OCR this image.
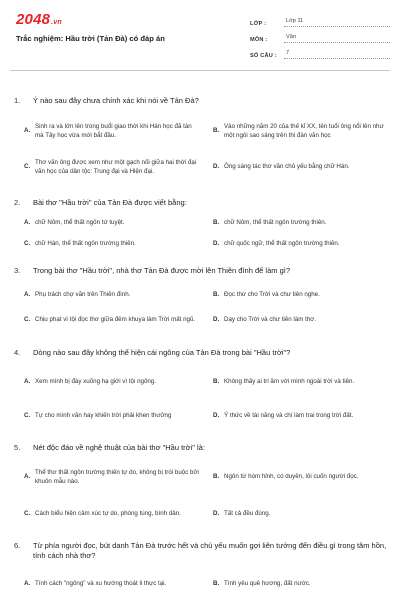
2048.vn
Trắc nghiệm: Hầu trời (Tản Đà) có đáp án
LỚP :	Lớp 11
MÔN :	Văn
SỐ CÂU :	7
1.	Ý nào sau đây chưa chính xác khi nói về Tản Đà?
A.
Sinh ra và lớn lên trong buổi giao thời khi Hán học đã tàn mà Tây học vừa mới bắt đầu.
B.
Vào những năm 20 của thế kỉ XX, tên tuổi ông nổi lên như một ngôi sao sáng trên thi đàn văn học
C.
Thơ văn ông được xem như một gạch nối giữa hai thời đại văn học của dân tộc: Trung đại và Hiện đại.
D. Ông sáng tác thơ văn chủ yếu bằng chữ Hán.
2.	Bài thơ "Hầu trời" của Tản Đà được viết bằng:
A. chữ Nôm, thể thất ngôn tứ tuyệt.	B. chữ Nôm, thể thất ngôn trường thiên.
C. chữ Hán, thể thất ngôn trường thiên.	D. chữ quốc ngữ, thể thất ngôn trường thiên.
3.	Trong bài thơ "Hầu trời", nhà thơ Tản Đà được mời lên Thiên đình để làm gì?
A. Phụ trách chợ văn trên Thiên đình.	B. Đọc thơ cho Trời và chư tiên nghe.
C. Chịu phạt vì tội đọc thơ giữa đêm khuya làm Trời mất ngủ.	D. Dạy cho Trời và chư tiên làm thơ.
4.	Dòng nào sau đây không thể hiện cái ngông của Tản Đà trong bài "Hầu trời"?
A. Xem mình bị đày xuống hạ giới vì tội ngông.	B. Không thấy ai tri âm với mình ngoài trời và tiên.
C. Tự cho mình văn hay khiến trời phải khen thưởng	D. Ý thức về tài năng và chí làm trai trong trời đất.
5.	Nét độc đáo về nghệ thuật của bài thơ "Hầu trời" là:
A.
Thể thơ thất ngôn trường thiên tự do, không bị trói buộc bởi khuôn mẫu nào.
B. Ngôn từ hóm hỉnh, có duyên, lôi cuốn người đọc.
C. Cách biểu hiện cảm xúc tự do, phóng túng, bình dân.	D. Tất cả đều đúng.
6.	Từ phía người đọc, bút danh Tản Đà trước hết và chủ yếu muốn gợi liên tưởng đến điều gì trong tâm hồn, tính cách nhà thơ?
A. Tính cách "ngông" và xu hướng thoát li thực tại.	B. Tình yêu quê hương, đất nước.
